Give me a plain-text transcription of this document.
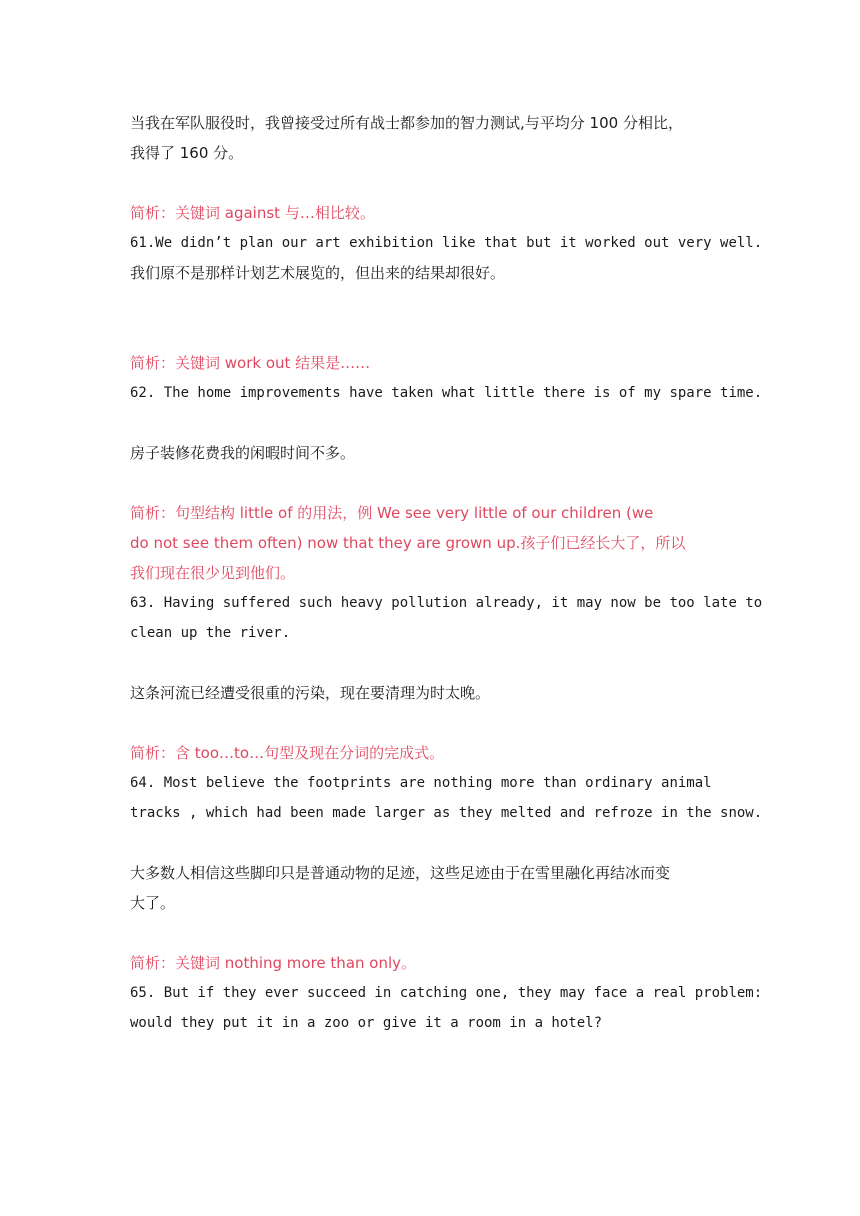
当我在军队服役时，我曾接受过所有战士都参加的智力测试,与平均分 100 分相比，
我得了 160 分。
简析：关键词 against 与…相比较。
61.We didn’t plan our art exhibition like that but it worked out very well.
我们原不是那样计划艺术展览的，但出来的结果却很好。
简析：关键词 work out 结果是……
62. The home improvements have taken what little there is of my spare time.
房子装修花费我的闲暇时间不多。
简析：句型结构 little of 的用法，例 We see very little of our children (we
do not see them often) now that they are grown up.孩子们已经长大了，所以
我们现在很少见到他们。
63. Having suffered such heavy pollution already, it may now be too late to
clean up the river.
这条河流已经遭受很重的污染，现在要清理为时太晚。
简析：含 too…to…句型及现在分词的完成式。
64. Most believe the footprints are nothing more than ordinary animal
tracks , which had been made larger as they melted and refroze in the snow.
大多数人相信这些脚印只是普通动物的足迹，这些足迹由于在雪里融化再结冰而变
大了。
简析：关键词 nothing more than only。
65. But if they ever succeed in catching one, they may face a real problem:
would they put it in a zoo or give it a room in a hotel?
